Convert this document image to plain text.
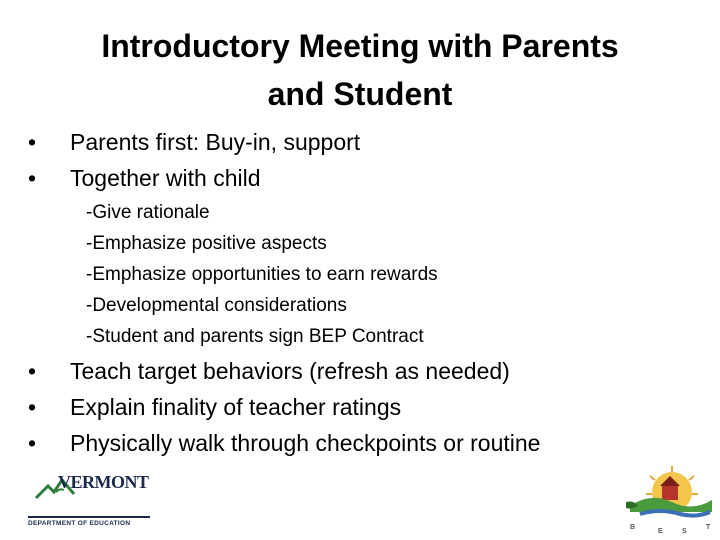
Introductory Meeting with Parents
and Student
• Parents first: Buy-in, support
• Together with child
-Give rationale
-Emphasize positive aspects
-Emphasize opportunities to earn rewards
-Developmental considerations
-Student and parents sign BEP Contract
• Teach target behaviors (refresh as needed)
• Explain finality of teacher ratings
• Physically walk through checkpoints or routine
VERMONT
DEPARTMENT OF EDUCATION
B
E	S
T
